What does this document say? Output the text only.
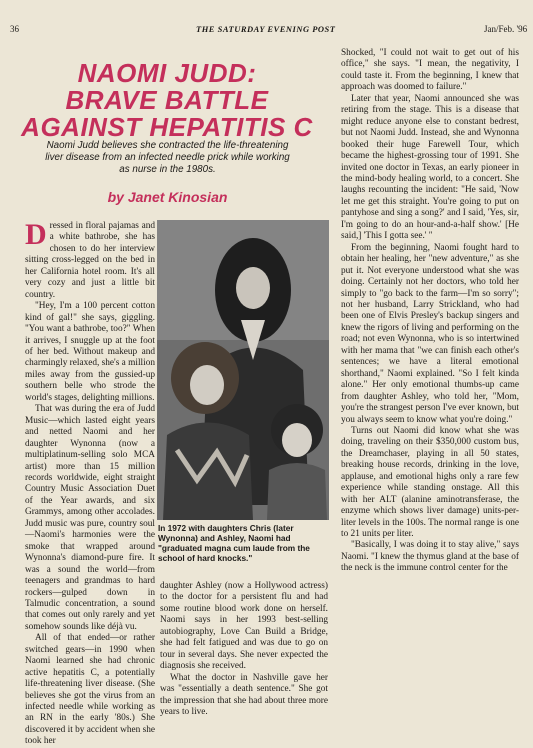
36	THE SATURDAY EVENING POST	Jan/Feb. '96
NAOMI JUDD:
BRAVE BATTLE
AGAINST HEPATITIS C
Naomi Judd believes she contracted the life-threatening liver disease from an infected needle prick while working as nurse in the 1980s.
by Janet Kinosian

Dressed in floral pajamas and a white bathrobe, she has chosen to do her interview sitting cross-legged on the bed in her California hotel room. It's all very cozy and just a little bit country.

"Hey, I'm a 100 percent cotton kind of gal!" she says, giggling. "You want a bathrobe, too?" When it arrives, I snuggle up at the foot of her bed. Without makeup and charmingly relaxed, she's a million miles away from the gussied-up southern belle who strode the world's stages, delighting millions.

That was during the era of Judd Music—which lasted eight years and netted Naomi and her daughter Wynonna (now a multiplatinum-selling solo MCA artist) more than 15 million records worldwide, eight straight Country Music Association Duet of the Year awards, and six Grammys, among other accolades. Judd music was pure, country soul—Naomi's harmonies were the smoke that wrapped around Wynonna's diamond-pure fire. It was a sound the world—from teenagers and grandmas to hard rockers—gulped down in Talmudic concentration, a sound that comes out only rarely and yet somehow sounds like déjà vu.

All of that ended—or rather switched gears—in 1990 when Naomi learned she had chronic active hepatitis C, a potentially life-threatening liver disease. (She believes she got the virus from an infected needle while working as an RN in the early '80s.) She discovered it by accident when she took her

In 1972 with daughters Chris (later Wynonna) and Ashley, Naomi had "graduated magna cum laude from the school of hard knocks."

daughter Ashley (now a Hollywood actress) to the doctor for a persistent flu and had some routine blood work done on herself. Naomi says in her 1993 best-selling autobiography, Love Can Build a Bridge, she had felt fatigued and was due to go on tour in several days. She never expected the diagnosis she received.

What the doctor in Nashville gave her was "essentially a death sentence." She got the impression that she had about three more years to live.

Shocked, "I could not wait to get out of his office," she says. "I mean, the negativity, I could taste it. From the beginning, I knew that approach was doomed to failure."

Later that year, Naomi announced she was retiring from the stage. This is a disease that might reduce anyone else to constant bedrest, but not Naomi Judd. Instead, she and Wynonna booked their huge Farewell Tour, which became the highest-grossing tour of 1991. She invited one doctor in Texas, an early pioneer in the mind-body healing world, to a concert. She laughs recounting the incident: "He said, 'Now let me get this straight. You're going to put on pantyhose and sing a song?' and I said, 'Yes, sir, I'm going to do an hour-and-a-half show.' [He said,] 'This I gotta see.' "

From the beginning, Naomi fought hard to obtain her healing, her "new adventure," as she put it. Not everyone understood what she was doing. Certainly not her doctors, who told her simply to "go back to the farm—I'm so sorry"; not her husband, Larry Strickland, who had been one of Elvis Presley's backup singers and knew the rigors of living and performing on the road; not even Wynonna, who is so intertwined with her mama that "we can finish each other's sentences; we have a literal emotional shorthand," Naomi explained. "So I felt kinda alone." Her only emotional thumbs-up came from daughter Ashley, who told her, "Mom, you're the strangest person I've ever known, but you always seem to know what you're doing."

Turns out Naomi did know what she was doing, traveling on their $350,000 custom bus, the Dreamchaser, playing in all 50 states, breaking house records, drinking in the love, applause, and emotional highs only a rare few experience while standing onstage. All this with her ALT (alanine aminotransferase, the enzyme which shows liver damage) units-per-liter levels in the 100s. The normal range is one to 21 units per liter.

"Basically, I was doing it to stay alive," says Naomi. "I knew the thymus gland at the base of the neck is the immune control center for the
